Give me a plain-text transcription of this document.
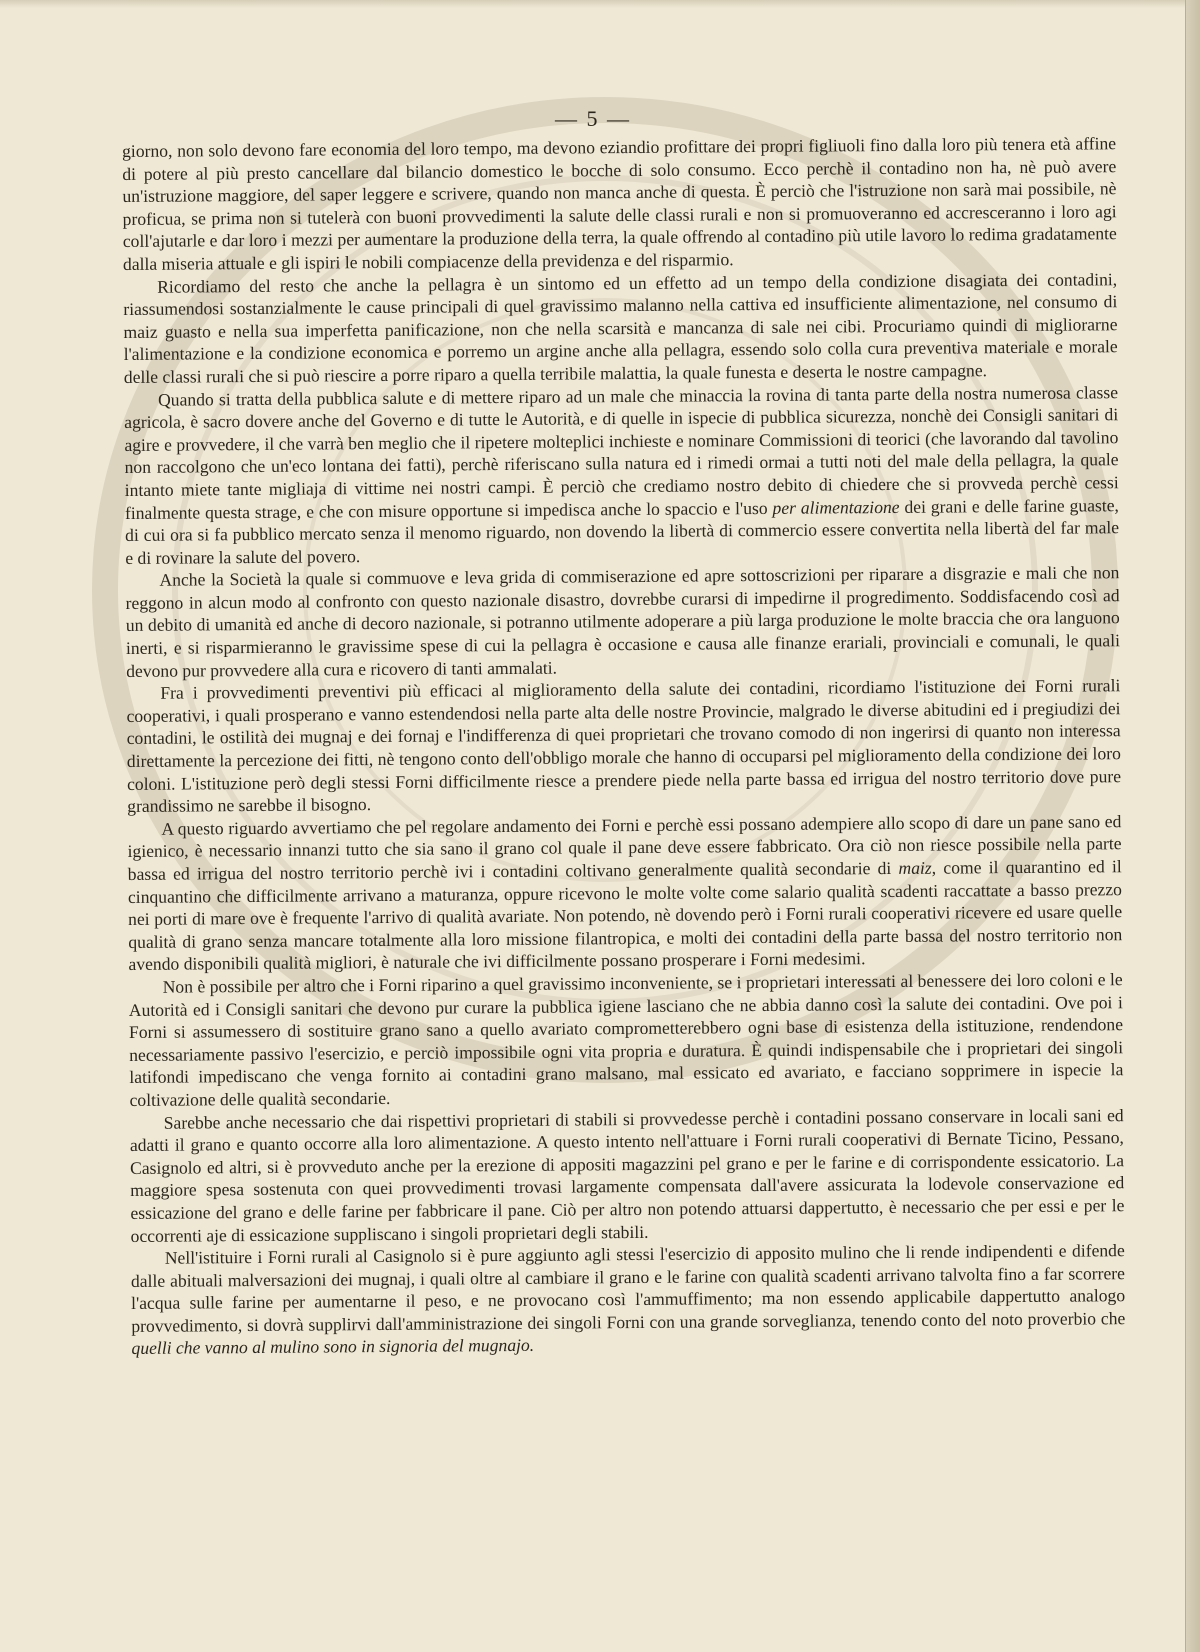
— 5 —

giorno, non solo devono fare economia del loro tempo, ma devono eziandio profittare dei propri figliuoli fino dalla loro più tenera età affine di potere al più presto cancellare dal bilancio domestico le bocche di solo consumo. Ecco perchè il contadino non ha, nè può avere un'istruzione maggiore, del saper leggere e scrivere, quando non manca anche di questa. È perciò che l'istruzione non sarà mai possibile, nè proficua, se prima non si tutelerà con buoni provvedimenti la salute delle classi rurali e non si promuoveranno ed accresceranno i loro agi coll'ajutarle e dar loro i mezzi per aumentare la produzione della terra, la quale offrendo al contadino più utile lavoro lo redima gradatamente dalla miseria attuale e gli ispiri le nobili compiacenze della previdenza e del risparmio.

Ricordiamo del resto che anche la pellagra è un sintomo ed un effetto ad un tempo della condizione disagiata dei contadini, riassumendosi sostanzialmente le cause principali di quel gravissimo malanno nella cattiva ed insufficiente alimentazione, nel consumo di maiz guasto e nella sua imperfetta panificazione, non che nella scarsità e mancanza di sale nei cibi. Procuriamo quindi di migliorarne l'alimentazione e la condizione economica e porremo un argine anche alla pellagra, essendo solo colla cura preventiva materiale e morale delle classi rurali che si può riescire a porre riparo a quella terribile malattia, la quale funesta e deserta le nostre campagne.

Quando si tratta della pubblica salute e di mettere riparo ad un male che minaccia la rovina di tanta parte della nostra numerosa classe agricola, è sacro dovere anche del Governo e di tutte le Autorità, e di quelle in ispecie di pubblica sicurezza, nonchè dei Consigli sanitari di agire e provvedere, il che varrà ben meglio che il ripetere moltеplici inchieste e nominare Commissioni di teorici (che lavorando dal tavolino non raccolgono che un'eco lontana dei fatti), perchè riferiscano sulla natura ed i rimedi ormai a tutti noti del male della pellagra, la quale intanto miete tante migliaja di vittime nei nostri campi. È perciò che crediamo nostro debito di chiedere che si provveda perchè cessi finalmente questa strage, e che con misure opportune si impedisca anche lo spaccio e l'uso per alimentazione dei grani e delle farine guaste, di cui ora si fa pubblico mercato senza il menomo riguardo, non dovendo la libertà di commercio essere convertita nella libertà del far male e di rovinare la salute del povero.

Anche la Società la quale si commuove e leva grida di commiserazione ed apre sottoscrizioni per riparare a disgrazie e mali che non reggono in alcun modo al confronto con questo nazionale disastro, dovrebbe curarsi di impedirne il progredimento. Soddisfacendo così ad un debito di umanità ed anche di decoro nazionale, si potranno utilmente adoperare a più larga produzione le molte braccia che ora languono inerti, e si risparmieranno le gravissime spese di cui la pellagra è occasione e causa alle finanze erariali, provinciali e comunali, le quali devono pur provvedere alla cura e ricovero di tanti ammalati.

Fra i provvedimenti preventivi più efficaci al miglioramento della salute dei contadini, ricordiamo l'istituzione dei Forni rurali cooperativi, i quali prosperano e vanno estendendosi nella parte alta delle nostre Provincie, malgrado le diverse abitudini ed i pregiudizi dei contadini, le ostilità dei mugnaj e dei fornaj e l'indifferenza di quei proprietari che trovano comodo di non ingerirsi di quanto non interessa direttamente la percezione dei fitti, nè tengono conto dell'obbligo morale che hanno di occuparsi pel miglioramento della condizione dei loro coloni. L'istituzione però degli stessi Forni difficilmente riesce a prendere piede nella parte bassa ed irrigua del nostro territorio dove pure grandissimo ne sarebbe il bisogno.

A questo riguardo avvertiamo che pel regolare andamento dei Forni e perchè essi possano adempiere allo scopo di dare un pane sano ed igienico, è necessario innanzi tutto che sia sano il grano col quale il pane deve essere fabbricato. Ora ciò non riesce possibile nella parte bassa ed irrigua del nostro territorio perchè ivi i contadini coltivano generalmente qualità secondarie di maiz, come il quarantino ed il cinquantino che difficilmente arrivano a maturanza, oppure ricevono le molte volte come salario qualità scadenti raccattate a basso prezzo nei porti di mare ove è frequente l'arrivo di qualità avariate. Non potendo, nè dovendo però i Forni rurali cooperativi ricevere ed usare quelle qualità di grano senza mancare totalmente alla loro missione filantropica, e molti dei contadini della parte bassa del nostro territorio non avendo disponibili qualità migliori, è naturale che ivi difficilmente possano prosperare i Forni medesimi.

Non è possibile per altro che i Forni riparino a quel gravissimo inconveniente, se i proprietari interessati al benessere dei loro coloni e le Autorità ed i Consigli sanitari che devono pur curare la pubblica igiene lasciano che ne abbia danno così la salute dei contadini. Ove poi i Forni si assumessero di sostituire grano sano a quello avariato comprometterebbero ogni base di esistenza della istituzione, rendendone necessariamente passivo l'esercizio, e perciò impossibile ogni vita propria e duratura. È quindi indispensabile che i proprietari dei singoli latifondi impediscano che venga fornito ai contadini grano malsano, mal essicato ed avariato, e facciano sopprimere in ispecie la coltivazione delle qualità secondarie.

Sarebbe anche necessario che dai rispettivi proprietari di stabili si provvedesse perchè i contadini possano conservare in locali sani ed adatti il grano e quanto occorre alla loro alimentazione. A questo intento nell'attuare i Forni rurali cooperativi di Bernate Ticino, Pessano, Casignolo ed altri, si è provveduto anche per la erezione di appositi magazzini pel grano e per le farine e di corrispondente essicatorio. La maggiore spesa sostenuta con quei provvedimenti trovasi largamente compensata dall'avere assicurata la lodevole conservazione ed essicazione del grano e delle farine per fabbricare il pane. Ciò per altro non potendo attuarsi dappertutto, è necessario che per essi e per le occorrenti aje di essicazione suppliscano i singoli proprietari degli stabili.

Nell'istituire i Forni rurali al Casignolo si è pure aggiunto agli stessi l'esercizio di apposito mulino che li rende indipendenti e difende dalle abituali malversazioni dei mugnaj, i quali oltre al cambiare il grano e le farine con qualità scadenti arrivano talvolta fino a far scorrere l'acqua sulle farine per aumentarne il peso, e ne provocano così l'ammuffimento; ma non essendo applicabile dappertutto analogo provvedimento, si dovrà supplirvi dall'amministrazione dei singoli Forni con una grande sorveglianza, tenendo conto del noto proverbio che quelli che vanno al mulino sono in signoria del mugnajo.
